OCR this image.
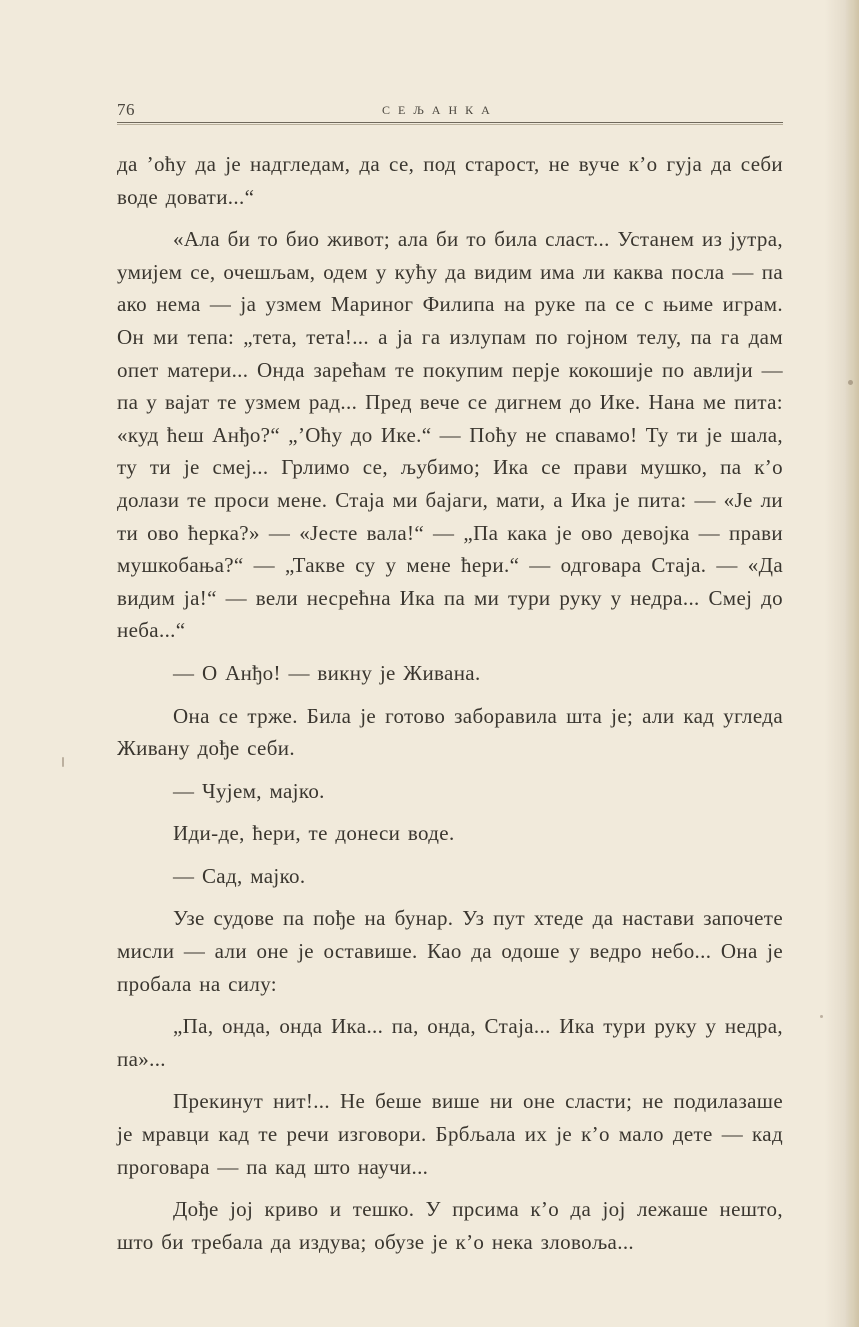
76	СЕЉАНКА

да ’оћу да је надгледам, да се, под старост, не вуче к’о гуја да себи воде довати...“

«Ала би то био живот; ала би то била сласт... Устанем из јутра, умијем се, очешљам, одем у кућу да видим има ли каква посла — па ако нема — ја узмем Мариног Филипа на руке па се с њиме играм. Он ми тепа: „тета, тета!... а ја га излупам по гојном телу, па га дам опет матери... Онда зарећам те покупим перје кокошије по авлији — па у вајат те узмем рад... Пред вече се дигнем до Ике. Нана ме пита: «куд ћеш Анђо?“ „’Оћу до Ике.“ — Поћу не спавамо! Ту ти је шала, ту ти је смеј... Грлимо се, љубимо; Ика се прави мушко, па к’о долази те проси мене. Стаја ми бајаги, мати, а Ика је пита: — «Је ли ти ово ћерка?» — «Јесте вала!“ — „Па кака је ово девојка — прави мушкобања?“ — „Такве су у мене ћери.“ — одговара Стаја. — «Да видим ја!“ — вели несрећна Ика па ми тури руку у недра... Смеј до неба...“

— О Анђо! — викну је Живана.

Она се трже. Била је готово заборавила шта је; али кад угледа Живану дође себи.

— Чујем, мајко.

Иди-де, ћери, те донеси воде.

— Сад, мајко.

Узе судове па пође на бунар. Уз пут хтеде да настави започете мисли — али оне је оставише. Као да одоше у ведро небо... Она је пробала на силу:

„Па, онда, онда Ика... па, онда, Стаја... Ика тури руку у недра, па»...

Прекинут нит!... Не беше више ни оне сласти; не подилазаше је мравци кад те речи изговори. Брбљала их је к’о мало дете — кад проговара — па кад што научи...

Дође јој криво и тешко. У прсима к’о да јој лежаше нешто, што би требала да издува; обузе је к’о нека зловоља...
